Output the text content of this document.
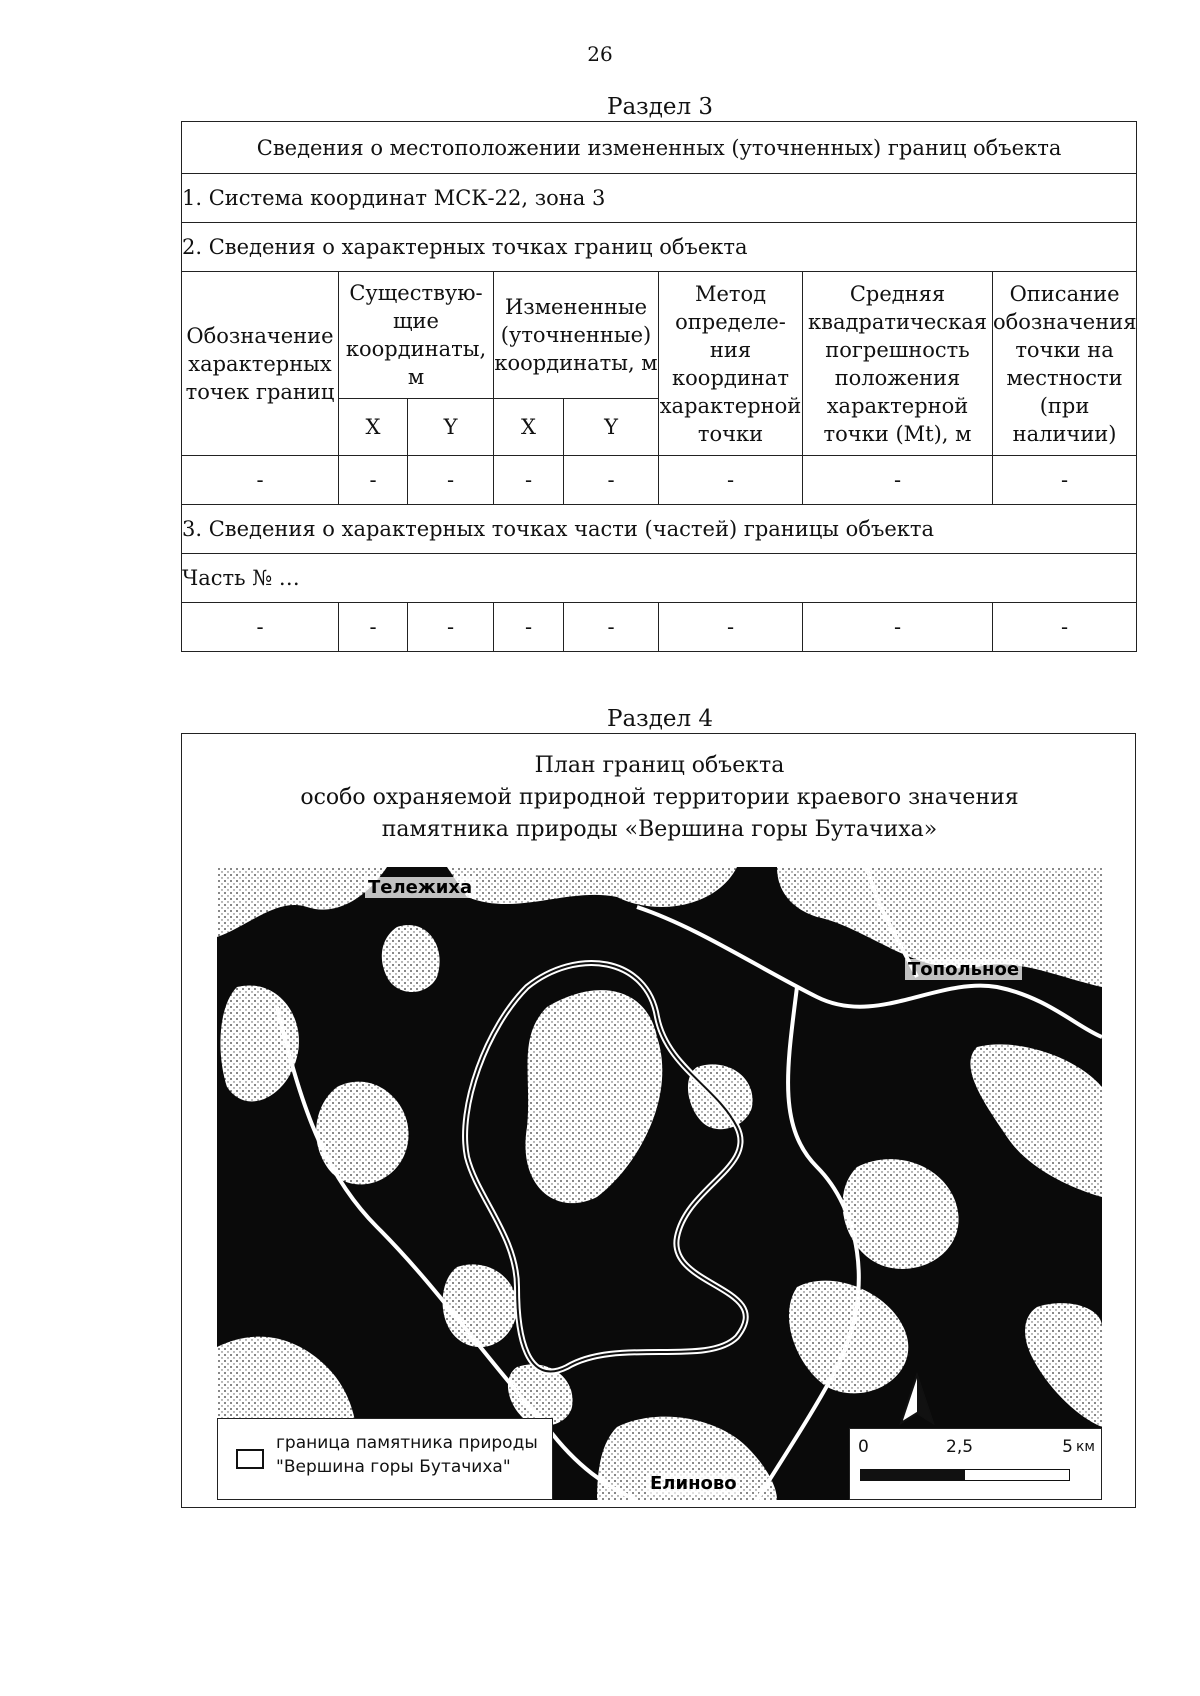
26
Раздел 3
Сведения о местоположении измененных (уточненных) границ объекта							
1. Система координат МСК-22, зона 3							
2. Сведения о характерных точках границ объекта							
Обозначение характерных точек границ	Существую- щие координаты, м		Измененные (уточненные) координаты, м		Метод определе- ния координат характерной точки	Средняя квадратическая погрешность положения характерной точки (Mt), м	Описание обозначения точки на местности (при наличии)
	X	Y	X	Y			
-	-	-	-	-	-	-	-
3. Сведения о характерных точках части (частей) границы объекта							
Часть № …							
-	-	-	-	-	-	-	-
Раздел 4
План границ объекта
особо охраняемой природной территории краевого значения
памятника природы «Вершина горы Бутачиха»
Тележиха
Топольное
Елиново
граница памятника природы
"Вершина горы Бутачиха"
0	2,5	5 км
